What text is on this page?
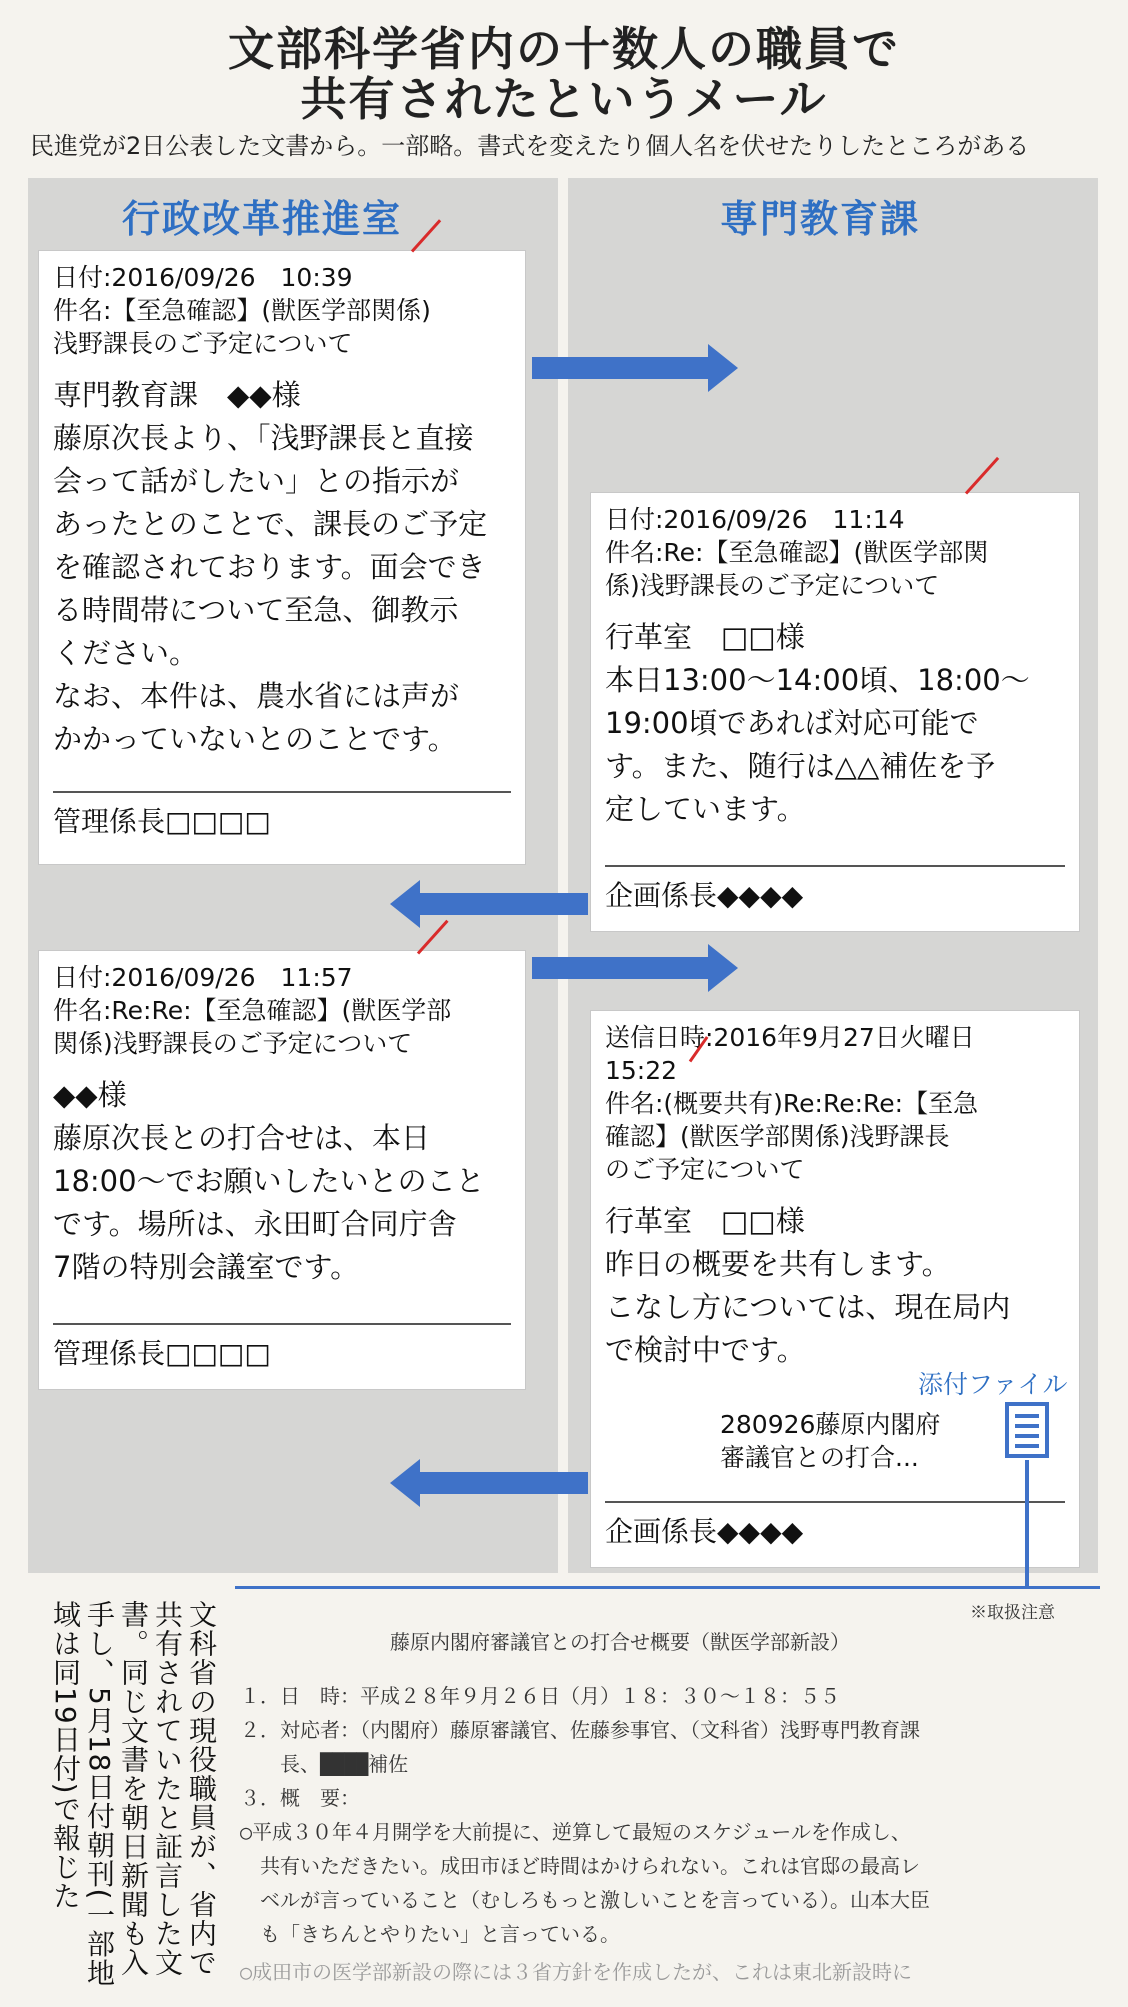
文部科学省内の十数人の職員で
共有されたというメール
民進党が2日公表した文書から。一部略。書式を変えたり個人名を伏せたりしたところがある
行政改革推進室	専門教育課
日付:2016/09/26　10:39
件名:【至急確認】(獣医学部関係)
浅野課長のご予定について
専門教育課　◆◆様
藤原次長より、「浅野課長と直接
会って話がしたい」との指示が
あったとのことで、課長のご予定
を確認されております。面会でき
る時間帯について至急、御教示
ください。
なお、本件は、農水省には声が
かかっていないとのことです。
管理係長□□□□
日付:2016/09/26　11:14
件名:Re:【至急確認】(獣医学部関
係)浅野課長のご予定について
行革室　□□様
本日13:00～14:00頃、18:00～
19:00頃であれば対応可能で
す。また、随行は△△補佐を予
定しています。
企画係長◆◆◆◆
日付:2016/09/26　11:57
件名:Re:Re:【至急確認】(獣医学部
関係)浅野課長のご予定について
◆◆様
藤原次長との打合せは、本日
18:00～でお願いしたいとのこと
です。場所は、永田町合同庁舎
7階の特別会議室です。
管理係長□□□□
送信日時:2016年9月27日火曜日
15:22
件名:(概要共有)Re:Re:Re:【至急
確認】(獣医学部関係)浅野課長
のご予定について
行革室　□□様
昨日の概要を共有します。
こなし方については、現在局内
で検討中です。
企画係長◆◆◆◆
添付ファイル
280926藤原内閣府
審議官との打合...
文科省の現役職員が、省内で
共有されていたと証言した文
書。同じ文書を朝日新聞も入
手し、5月18日付朝刊(一部地
域は同19日付)で報じた	※取扱注意
藤原内閣府審議官との打合せ概要（獣医学部新設）
１．日　時：平成２８年９月２６日（月）１８：３０～１８：５５
２．対応者：（内閣府）藤原審議官、佐藤参事官、（文科省）浅野専門教育課
　　長、████補佐
３．概　要：
○平成３０年４月開学を大前提に、逆算して最短のスケジュールを作成し、
　共有いただきたい。成田市ほど時間はかけられない。これは官邸の最高レ
　ベルが言っていること（むしろもっと激しいことを言っている）。山本大臣
　も「きちんとやりたい」と言っている。
○成田市の医学部新設の際には３省方針を作成したが、これは東北新設時に
